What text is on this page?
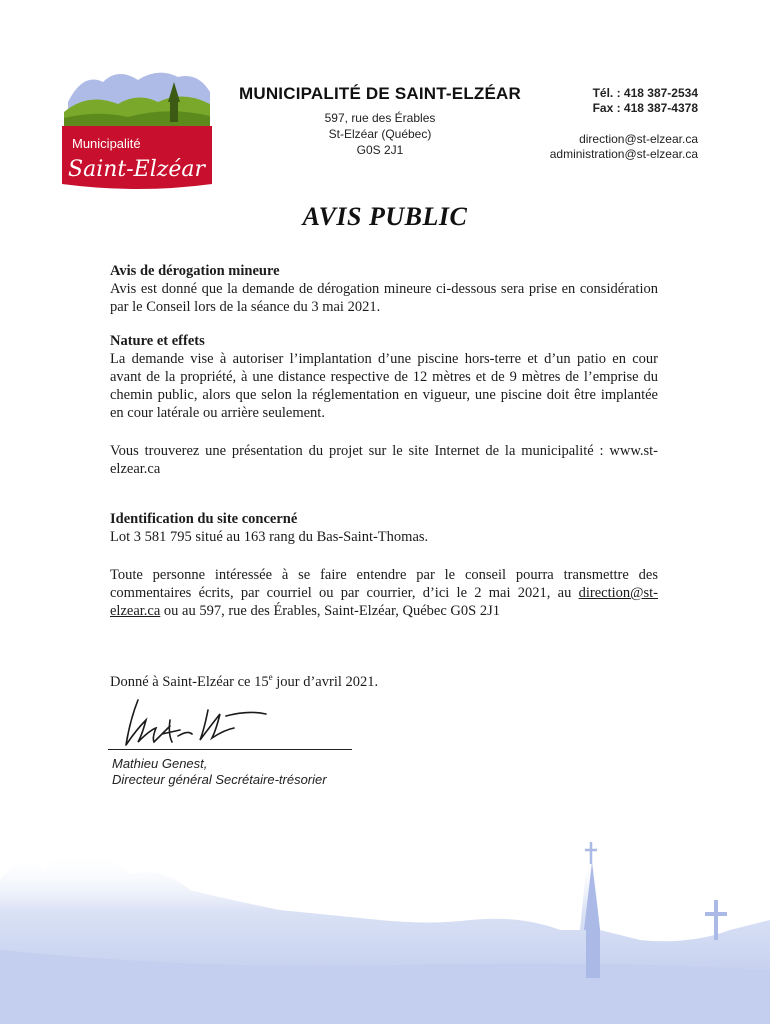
Municipalité
Saint-Elzéar
MUNICIPALITÉ DE SAINT-ELZÉAR
597, rue des Érables
St-Elzéar (Québec)
G0S 2J1
Tél. : 418 387-2534
Fax : 418 387-4378
direction@st-elzear.ca
administration@st-elzear.ca
AVIS PUBLIC

Avis de dérogation mineure

Avis est donné que la demande de dérogation mineure ci-dessous sera prise en considération par le Conseil lors de la séance du 3 mai 2021.

Nature et effets

La demande vise à autoriser l’implantation d’une piscine hors-terre et d’un patio en cour avant de la propriété, à une distance respective de 12 mètres et de 9 mètres de l’emprise du chemin public, alors que selon la réglementation en vigueur, une piscine doit être implantée en cour latérale ou arrière seulement.

Vous trouverez une présentation du projet sur le site Internet de la municipalité : www.st-elzear.ca

Identification du site concerné

Lot 3 581 795 situé au 163 rang du Bas-Saint-Thomas.

Toute personne intéressée à se faire entendre par le conseil pourra transmettre des commentaires écrits, par courriel ou par courrier, d’ici le 2 mai 2021, au direction@st-elzear.ca ou au 597, rue des Érables, Saint-Elzéar, Québec G0S 2J1

Donné à Saint-Elzéar ce 15e jour d’avril 2021.

Mathieu Genest,
Directeur général Secrétaire-trésorier
